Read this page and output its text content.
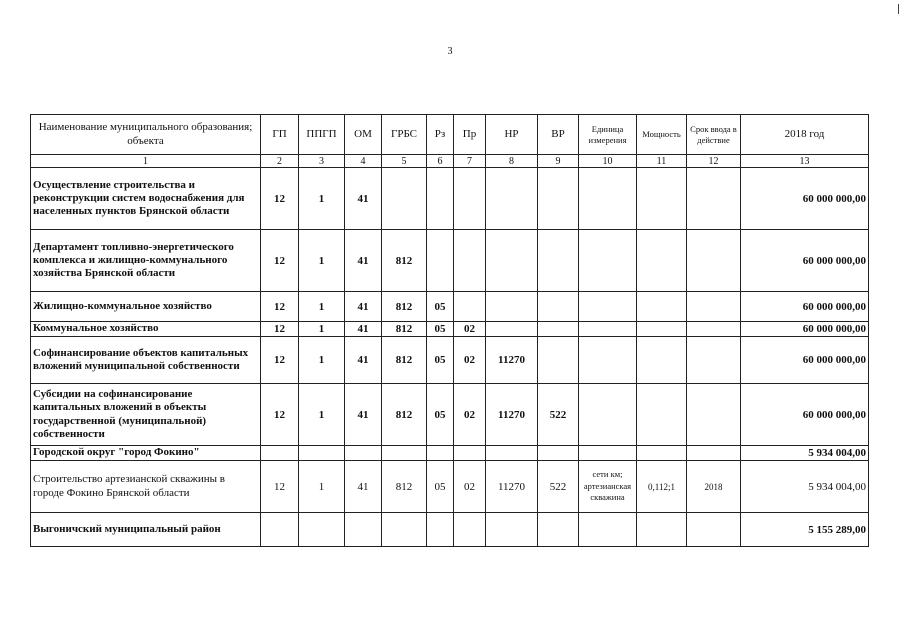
3
Наименование муниципального образования; объекта	ГП	ППГП	ОМ	ГРБС	Рз	Пр	НР	ВР	Единица измерения	Мощность	Срок ввода в действие	2018 год
1	2	3	4	5	6	7	8	9	10	11	12	13
Осуществление строительства и реконструкции систем водоснабжения для населенных пунктов Брянской области	12	1	41									60 000 000,00
Департамент топливно-энергетического комплекса и жилищно-коммунального хозяйства Брянской области	12	1	41	812								60 000 000,00
Жилищно-коммунальное хозяйство	12	1	41	812	05							60 000 000,00
Коммунальное хозяйство	12	1	41	812	05	02						60 000 000,00
Софинансирование объектов капитальных вложений муниципальной собственности	12	1	41	812	05	02	11270					60 000 000,00
Субсидии на софинансирование капитальных вложений в объекты государственной (муниципальной) собственности	12	1	41	812	05	02	11270	522				60 000 000,00
Городской округ "город Фокино"												5 934 004,00
Строительство артезианской скважины в городе Фокино Брянской области	12	1	41	812	05	02	11270	522	сети км; артезианская скважина	0,112;1	2018	5 934 004,00
Выгоничский муниципальный район												5 155 289,00
